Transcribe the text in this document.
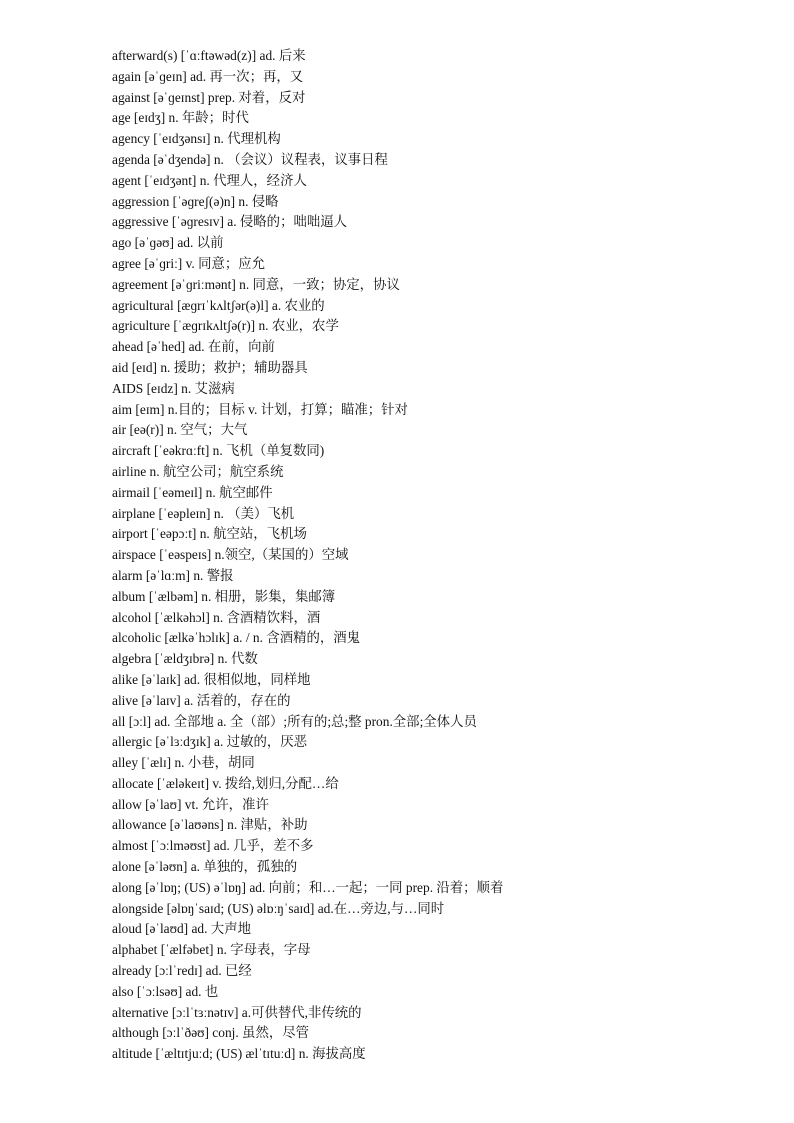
afterward(s) [ˈɑːftəwəd(z)] ad. 后来
again [əˈɡeɪn] ad. 再一次；再，又
against [əˈɡeɪnst] prep. 对着，反对
age [eɪdʒ] n. 年龄；时代
agency [ˈeɪdʒənsɪ] n. 代理机构
agenda [əˈdʒendə] n. （会议）议程表，议事日程
agent [ˈeɪdʒənt] n. 代理人，经济人
aggression [ˈəɡreʃ(ə)n] n. 侵略
aggressive [ˈəɡresɪv] a. 侵略的；咄咄逼人
ago [əˈɡəʊ] ad. 以前
agree [əˈɡriː] v. 同意；应允
agreement [əˈɡriːmənt] n. 同意，一致；协定，协议
agricultural [æɡrɪˈkʌltʃər(ə)l] a. 农业的
agriculture [ˈæɡrɪkʌltʃə(r)] n. 农业，农学
ahead [əˈhed] ad. 在前，向前
aid [eɪd] n. 援助；救护；辅助器具
AIDS [eɪdz] n. 艾滋病
aim [eɪm] n.目的；目标 v. 计划，打算；瞄准；针对
air [eə(r)] n. 空气；大气
aircraft [ˈeəkrɑːft] n. 飞机（单复数同)
airline n. 航空公司；航空系统
airmail [ˈeəmeɪl] n. 航空邮件
airplane [ˈeəpleɪn] n. （美）飞机
airport [ˈeəpɔːt] n. 航空站，飞机场
airspace [ˈeəspeɪs] n.领空,（某国的）空域
alarm [əˈlɑːm] n. 警报
album [ˈælbəm] n. 相册，影集，集邮簿
alcohol [ˈælkəhɔl] n. 含酒精饮料，酒
alcoholic [ælkəˈhɔlɪk] a. / n. 含酒精的，酒鬼
algebra [ˈældʒɪbrə] n. 代数
alike [əˈlaɪk] ad. 很相似地，同样地
alive [əˈlaɪv] a. 活着的，存在的
all [ɔːl] ad. 全部地 a. 全（部）;所有的;总;整 pron.全部;全体人员
allergic [əˈlɜːdʒɪk] a. 过敏的，厌恶
alley [ˈælɪ] n. 小巷，胡同
allocate [ˈæləkeɪt] v. 拨给,划归,分配…给
allow [əˈlaʊ] vt. 允许，准许
allowance [əˈlaʊəns] n. 津贴，补助
almost [ˈɔːlməʊst] ad. 几乎，差不多
alone [əˈləʊn] a. 单独的，孤独的
along [əˈlɒŋ; (US) əˈlɒŋ] ad. 向前；和…一起；一同 prep. 沿着；顺着
alongside [əlɒŋˈsaɪd; (US) əlɒːŋˈsaɪd] ad.在…旁边,与…同时
aloud [əˈlaʊd] ad. 大声地
alphabet [ˈælfəbet] n. 字母表，字母
already [ɔːlˈredɪ] ad. 已经
also [ˈɔːlsəʊ] ad. 也
alternative [ɔːlˈtɜːnətɪv] a.可供替代,非传统的
although [ɔːlˈðəʊ] conj. 虽然，尽管
altitude [ˈæltɪtjuːd; (US) ælˈtɪtuːd] n. 海拔高度
